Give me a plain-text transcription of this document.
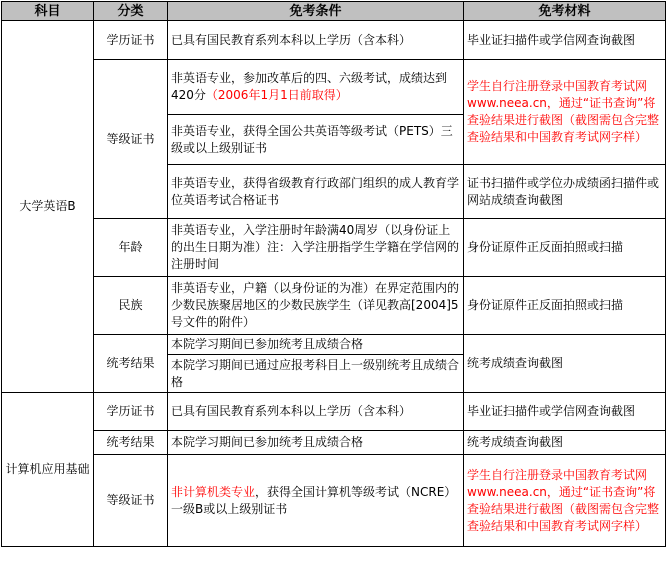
科目	分类	免考条件	免考材料
大学英语B	学历证书	已具有国民教育系列本科以上学历（含本科）	毕业证扫描件或学信网查询截图
	等级证书	非英语专业，参加改革后的四、六级考试，成绩达到420分（2006年1月1日前取得）	学生自行注册登录中国教育考试网www.neea.cn，通过“证书查询”将查验结果进行截图（截图需包含完整查验结果和中国教育考试网字样）
		非英语专业，获得全国公共英语等级考试（PETS）三级或以上级别证书	
		非英语专业，获得省级教育行政部门组织的成人教育学位英语考试合格证书	证书扫描件或学位办成绩函扫描件或网站成绩查询截图
	年龄	非英语专业，入学注册时年龄满40周岁（以身份证上的出生日期为准）注：入学注册指学生学籍在学信网的注册时间	身份证原件正反面拍照或扫描
	民族	非英语专业，户籍（以身份证的为准）在界定范围内的少数民族聚居地区的少数民族学生（详见教高[2004]5号文件的附件）	身份证原件正反面拍照或扫描
	统考结果	本院学习期间已参加统考且成绩合格	统考成绩查询截图
		本院学习期间已通过应报考科目上一级别统考且成绩合格	
计算机应用基础	学历证书	已具有国民教育系列本科以上学历（含本科）	毕业证扫描件或学信网查询截图
	统考结果	本院学习期间已参加统考且成绩合格	统考成绩查询截图
	等级证书	非计算机类专业，获得全国计算机等级考试（NCRE）一级B或以上级别证书	学生自行注册登录中国教育考试网www.neea.cn，通过“证书查询”将查验结果进行截图（截图需包含完整查验结果和中国教育考试网字样）
